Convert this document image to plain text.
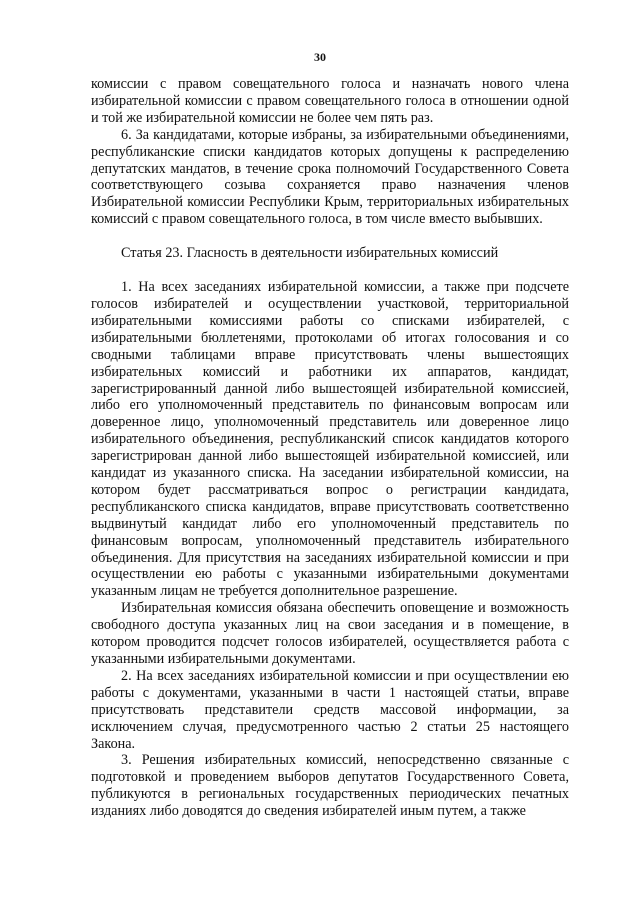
30

комиссии с правом совещательного голоса и назначать нового члена избирательной комиссии с правом совещательного голоса в отношении одной и той же избирательной комиссии не более чем пять раз.

6. За кандидатами, которые избраны, за избирательными объединениями, республиканские списки кандидатов которых допущены к распределению депутатских мандатов, в течение срока полномочий Государственного Совета соответствующего созыва сохраняется право назначения членов Избирательной комиссии Республики Крым, территориальных избирательных комиссий с правом совещательного голоса, в том числе вместо выбывших.

Статья 23. Гласность в деятельности избирательных комиссий

1. На всех заседаниях избирательной комиссии, а также при подсчете голосов избирателей и осуществлении участковой, территориальной избирательными комиссиями работы со списками избирателей, с избирательными бюллетенями, протоколами об итогах голосования и со сводными таблицами вправе присутствовать члены вышестоящих избирательных комиссий и работники их аппаратов, кандидат, зарегистрированный данной либо вышестоящей избирательной комиссией, либо его уполномоченный представитель по финансовым вопросам или доверенное лицо, уполномоченный представитель или доверенное лицо избирательного объединения, республиканский список кандидатов которого зарегистрирован данной либо вышестоящей избирательной комиссией, или кандидат из указанного списка. На заседании избирательной комиссии, на котором будет рассматриваться вопрос о регистрации кандидата, республиканского списка кандидатов, вправе присутствовать соответственно выдвинутый кандидат либо его уполномоченный представитель по финансовым вопросам, уполномоченный представитель избирательного объединения. Для присутствия на заседаниях избирательной комиссии и при осуществлении ею работы с указанными избирательными документами указанным лицам не требуется дополнительное разрешение.

Избирательная комиссия обязана обеспечить оповещение и возможность свободного доступа указанных лиц на свои заседания и в помещение, в котором проводится подсчет голосов избирателей, осуществляется работа с указанными избирательными документами.

2. На всех заседаниях избирательной комиссии и при осуществлении ею работы с документами, указанными в части 1 настоящей статьи, вправе присутствовать представители средств массовой информации, за исключением случая, предусмотренного частью 2 статьи 25 настоящего Закона.

3. Решения избирательных комиссий, непосредственно связанные с подготовкой и проведением выборов депутатов Государственного Совета, публикуются в региональных государственных периодических печатных изданиях либо доводятся до сведения избирателей иным путем, а также
